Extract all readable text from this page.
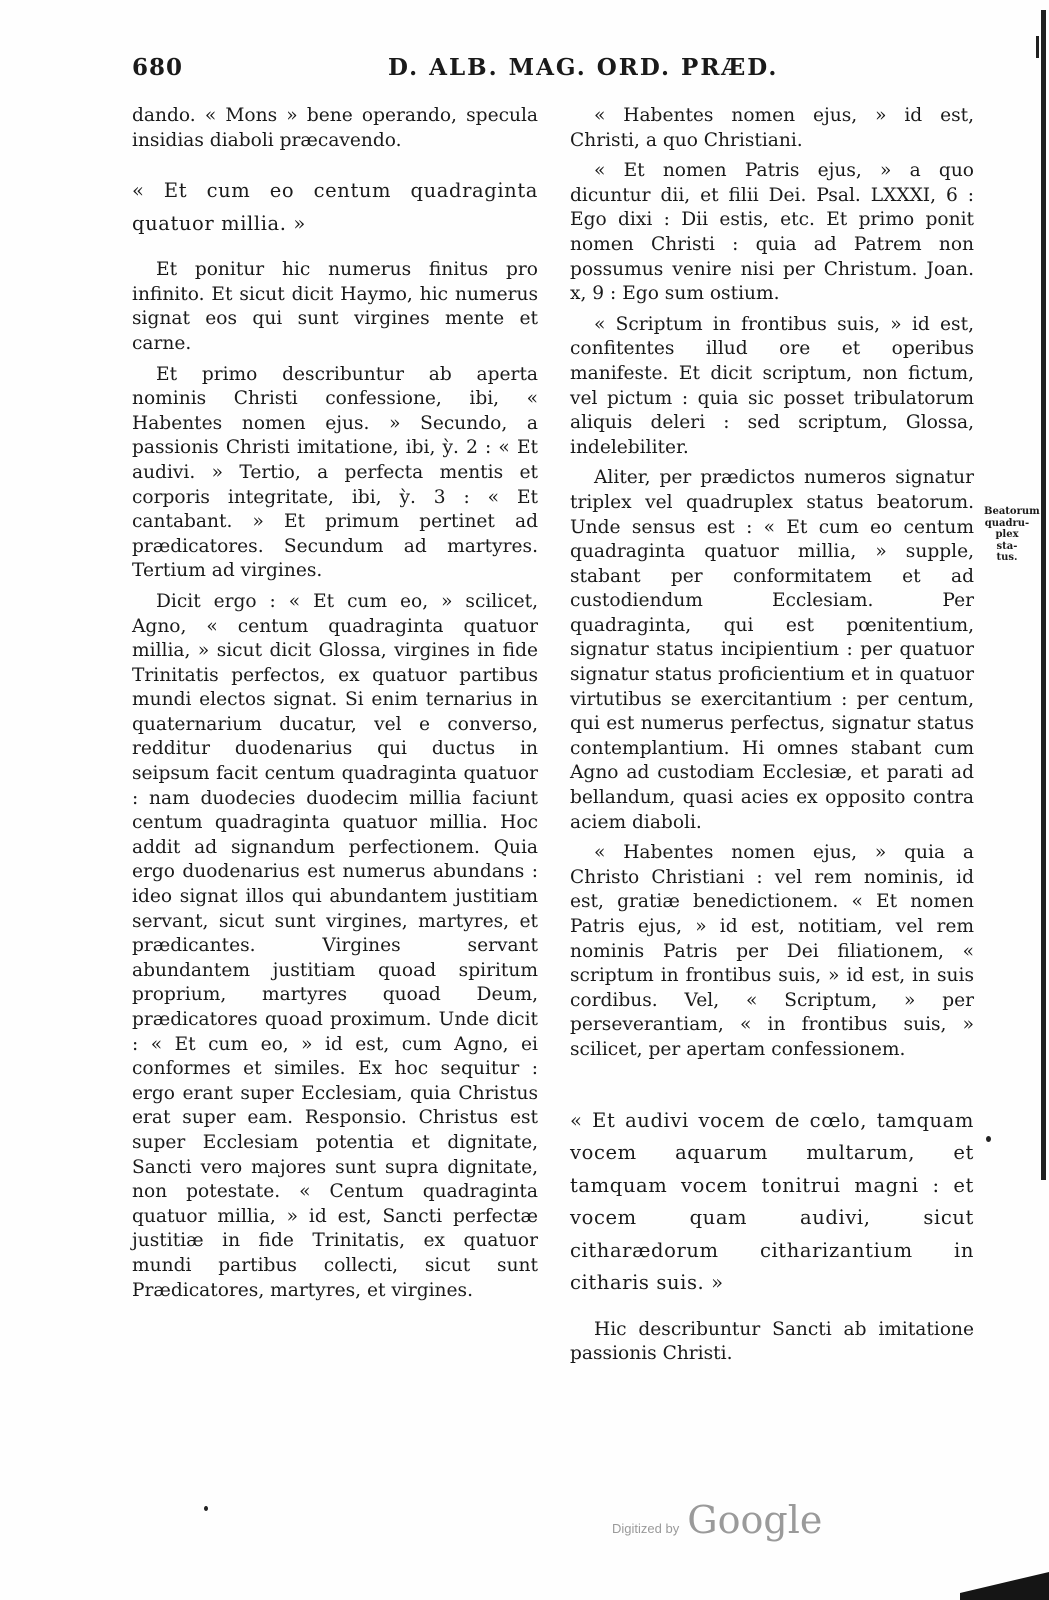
680	D. ALB. MAG. ORD. PRÆD.

dando. « Mons » bene operando, specula insidias diaboli præcavendo.

« Et cum eo centum quadraginta quatuor millia. »

Et ponitur hic numerus finitus pro infinito. Et sicut dicit Haymo, hic numerus signat eos qui sunt virgines mente et carne.

Et primo describuntur ab aperta nominis Christi confessione, ibi, « Habentes nomen ejus. » Secundo, a passionis Christi imitatione, ibi, ỳ. 2 : « Et audivi. » Tertio, a perfecta mentis et corporis integritate, ibi, ỳ. 3 : « Et cantabant. » Et primum pertinet ad prædicatores. Secundum ad martyres. Tertium ad virgines.

Dicit ergo : « Et cum eo, » scilicet, Agno, « centum quadraginta quatuor millia, » sicut dicit Glossa, virgines in fide Trinitatis perfectos, ex quatuor partibus mundi electos signat. Si enim ternarius in quaternarium ducatur, vel e converso, redditur duodenarius qui ductus in seipsum facit centum quadraginta quatuor : nam duodecies duodecim millia faciunt centum quadraginta quatuor millia. Hoc addit ad signandum perfectionem. Quia ergo duodenarius est numerus abundans : ideo signat illos qui abundantem justitiam servant, sicut sunt virgines, martyres, et prædicantes. Virgines servant abundantem justitiam quoad spiritum proprium, martyres quoad Deum, prædicatores quoad proximum. Unde dicit : « Et cum eo, » id est, cum Agno, ei conformes et similes. Ex hoc sequitur : ergo erant super Ecclesiam, quia Christus erat super eam. Responsio. Christus est super Ecclesiam potentia et dignitate, Sancti vero majores sunt supra dignitate, non potestate. « Centum quadraginta quatuor millia, » id est, Sancti perfectæ justitiæ in fide Trinitatis, ex quatuor mundi partibus collecti, sicut sunt Prædicatores, martyres, et virgines.

« Habentes nomen ejus, » id est, Christi, a quo Christiani.

« Et nomen Patris ejus, » a quo dicuntur dii, et filii Dei. Psal. LXXXI, 6 : Ego dixi : Dii estis, etc. Et primo ponit nomen Christi : quia ad Patrem non possumus venire nisi per Christum. Joan. x, 9 : Ego sum ostium.

« Scriptum in frontibus suis, » id est, confitentes illud ore et operibus manifeste. Et dicit scriptum, non fictum, vel pictum : quia sic posset tribulatorum aliquis deleri : sed scriptum, Glossa, indelebiliter.

Aliter, per prædictos numeros signatur triplex vel quadruplex status beatorum. Unde sensus est : « Et cum eo centum quadraginta quatuor millia, » supple, stabant per conformitatem et ad custodiendum Ecclesiam. Per quadraginta, qui est pœnitentium, signatur status incipientium : per quatuor signatur status proficientium et in quatuor virtutibus se exercitantium : per centum, qui est numerus perfectus, signatur status contemplantium. Hi omnes stabant cum Agno ad custodiam Ecclesiæ, et parati ad bellandum, quasi acies ex opposito contra aciem diaboli.

« Habentes nomen ejus, » quia a Christo Christiani : vel rem nominis, id est, gratiæ benedictionem. « Et nomen Patris ejus, » id est, notitiam, vel rem nominis Patris per Dei filiationem, « scriptum in frontibus suis, » id est, in suis cordibus. Vel, « Scriptum, » per perseverantiam, « in frontibus suis, » scilicet, per apertam confessionem.

« Et audivi vocem de cœlo, tamquam vocem aquarum multarum, et tamquam vocem tonitrui magni : et vocem quam audivi, sicut citharædorum citharizantium in citharis suis. »

Hic describuntur Sancti ab imitatione passionis Christi.

Beatorum
quadru-
plex sta-
tus.
Digitized by Google
